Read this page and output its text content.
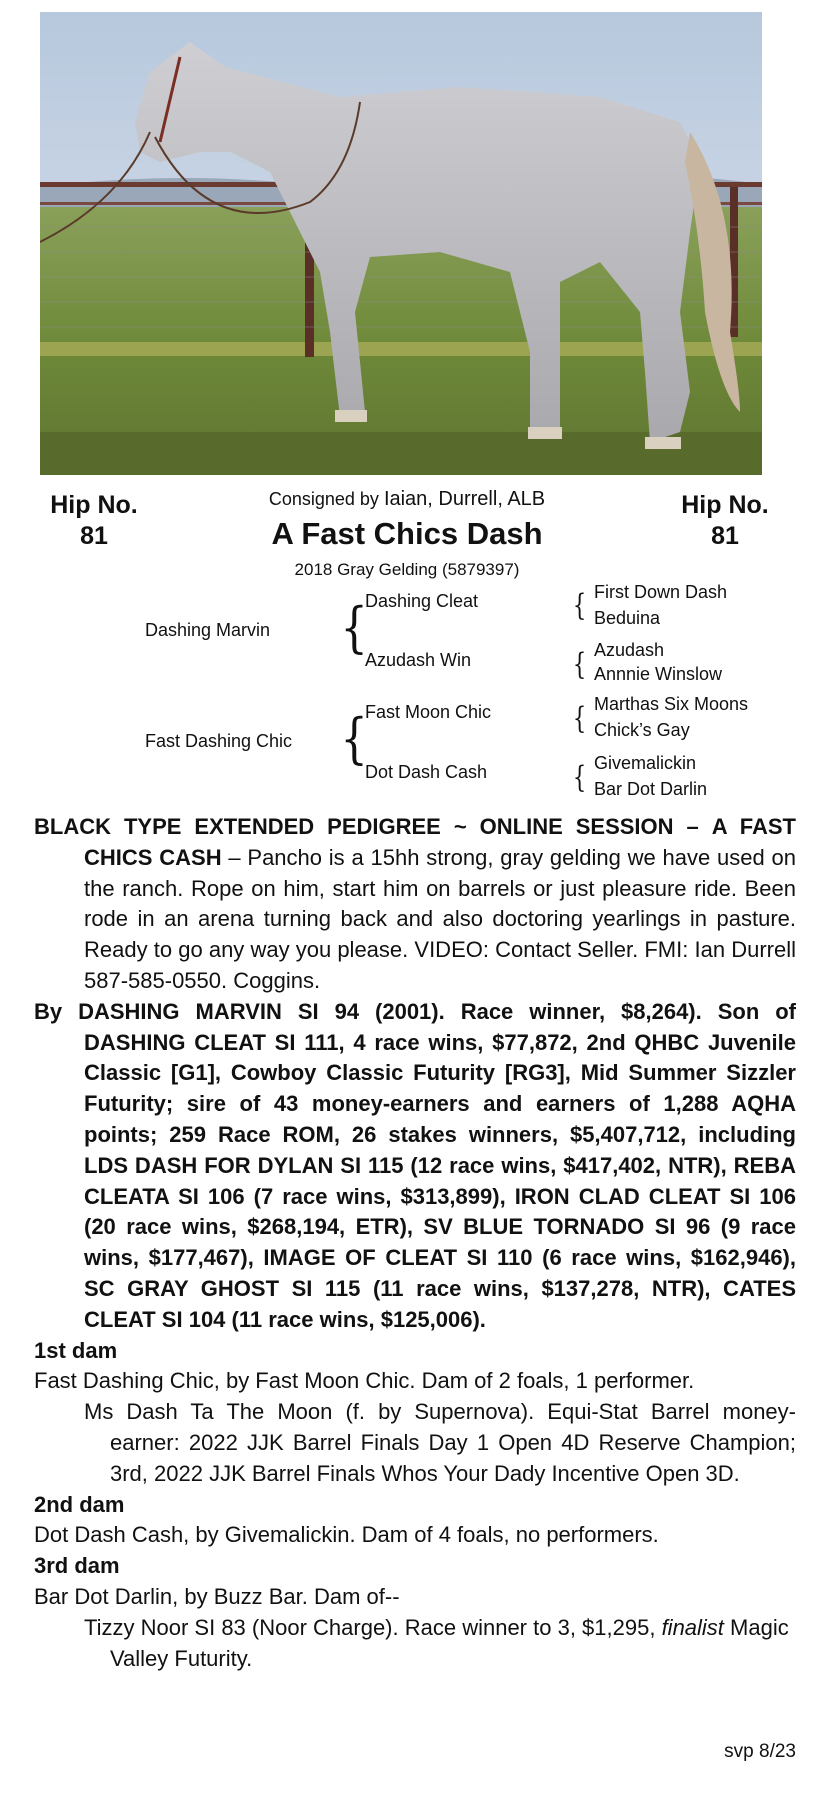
Hip No.
81
Hip No.
81
Consigned by Iaian, Durrell, ALB
A Fast Chics Dash
2018 Gray Gelding (5879397)
Dashing Marvin {
Dashing Cleat
Azudash Win
{ First Down Dash
Beduina
{ Azudash
Annnie Winslow
Fast Dashing Chic {
Fast Moon Chic
Dot Dash Cash
{ Marthas Six Moons
Chick’s Gay
{ Givemalickin
Bar Dot Darlin

BLACK TYPE EXTENDED PEDIGREE ~ ONLINE SESSION – A FAST CHICS CASH – Pancho is a 15hh strong, gray gelding we have used on the ranch. Rope on him, start him on barrels or just pleasure ride. Been rode in an arena turning back and also doctoring yearlings in pasture. Ready to go any way you please. VIDEO: Contact Seller. FMI: Ian Durrell 587-585-0550. Coggins.

By DASHING MARVIN SI 94 (2001). Race winner, $8,264). Son of DASHING CLEAT SI 111, 4 race wins, $77,872, 2nd QHBC Juvenile Classic [G1], Cowboy Classic Futurity [RG3], Mid Summer Sizzler Futurity; sire of 43 money-earners and earners of 1,288 AQHA points; 259 Race ROM, 26 stakes winners, $5,407,712, including LDS DASH FOR DYLAN SI 115 (12 race wins, $417,402, NTR), REBA CLEATA SI 106 (7 race wins, $313,899), IRON CLAD CLEAT SI 106 (20 race wins, $268,194, ETR), SV BLUE TORNADO SI 96 (9 race wins, $177,467), IMAGE OF CLEAT SI 110 (6 race wins, $162,946), SC GRAY GHOST SI 115 (11 race wins, $137,278, NTR), CATES CLEAT SI 104 (11 race wins, $125,006).

1st dam

Fast Dashing Chic, by Fast Moon Chic. Dam of 2 foals, 1 performer.

Ms Dash Ta The Moon (f. by Supernova). Equi-Stat Barrel money-earner: 2022 JJK Barrel Finals Day 1 Open 4D Reserve Champion; 3rd, 2022 JJK Barrel Finals Whos Your Dady Incentive Open 3D.

2nd dam

Dot Dash Cash, by Givemalickin. Dam of 4 foals, no performers.

3rd dam

Bar Dot Darlin, by Buzz Bar. Dam of--

Tizzy Noor SI 83 (Noor Charge). Race winner to 3, $1,295, finalist Magic Valley Futurity.

svp 8/23
